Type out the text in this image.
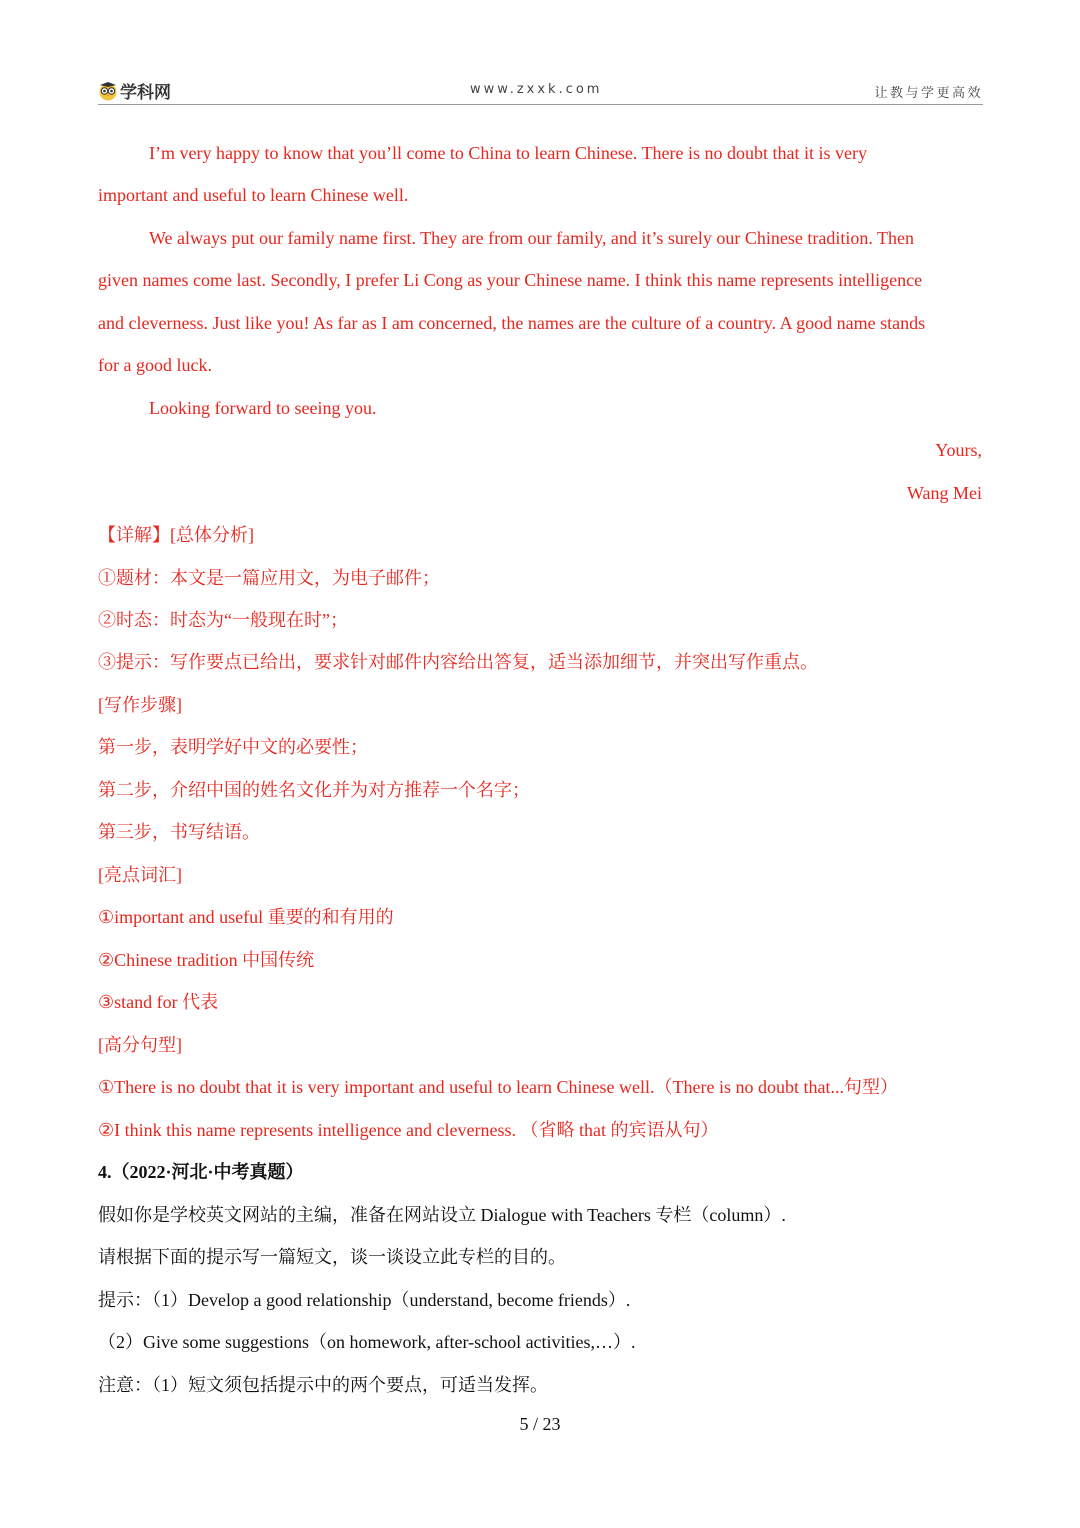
学科网	www.zxxk.com	让教与学更高效
I’m very happy to know that you’ll come to China to learn Chinese. There is no doubt that it is very
important and useful to learn Chinese well.
We always put our family name first. They are from our family, and it’s surely our Chinese tradition. Then
given names come last. Secondly, I prefer Li Cong as your Chinese name. I think this name represents intelligence
and cleverness. Just like you! As far as I am concerned, the names are the culture of a country. A good name stands
for a good luck.
Looking forward to seeing you.
Yours,
Wang Mei
【详解】[总体分析]
①题材：本文是一篇应用文，为电子邮件；
②时态：时态为“一般现在时”；
③提示：写作要点已给出，要求针对邮件内容给出答复，适当添加细节，并突出写作重点。
[写作步骤]
第一步，表明学好中文的必要性；
第二步，介绍中国的姓名文化并为对方推荐一个名字；
第三步，书写结语。
[亮点词汇]
①important and useful 重要的和有用的
②Chinese tradition 中国传统
③stand for 代表
[高分句型]
①There is no doubt that it is very important and useful to learn Chinese well.（There is no doubt that...句型）
②I think this name represents intelligence and cleverness. （省略 that 的宾语从句）
4.（2022·河北·中考真题）
假如你是学校英文网站的主编，准备在网站设立 Dialogue with Teachers 专栏（column）.
请根据下面的提示写一篇短文，谈一谈设立此专栏的目的。
提示：（1）Develop a good relationship（understand, become friends）.
（2）Give some suggestions（on homework, after-school activities,…）.
注意：（1）短文须包括提示中的两个要点，可适当发挥。
5 / 23
